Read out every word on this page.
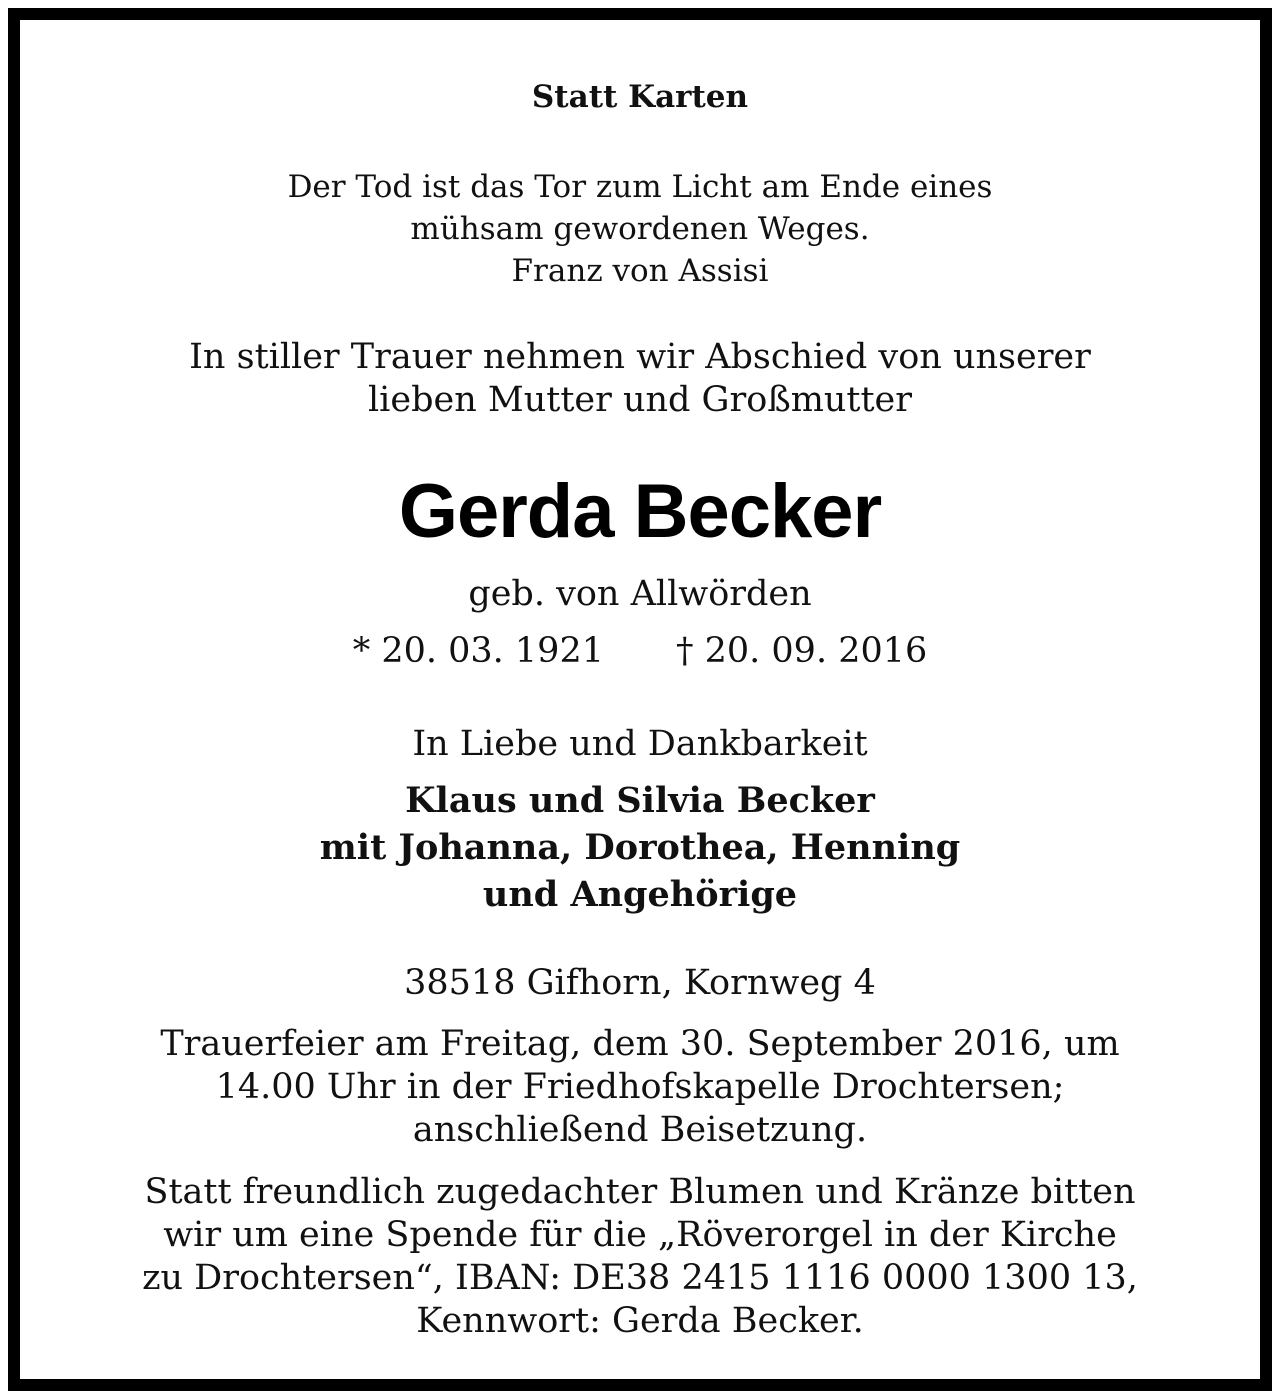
Statt Karten
Der Tod ist das Tor zum Licht am Ende eines
mühsam gewordenen Weges.
Franz von Assisi
In stiller Trauer nehmen wir Abschied von unserer
lieben Mutter und Großmutter
Gerda Becker
geb. von Allwörden
* 20. 03. 1921 † 20. 09. 2016
In Liebe und Dankbarkeit
Klaus und Silvia Becker
mit Johanna, Dorothea, Henning
und Angehörige
38518 Gifhorn, Kornweg 4
Trauerfeier am Freitag, dem 30. September 2016, um
14.00 Uhr in der Friedhofskapelle Drochtersen;
anschließend Beisetzung.
Statt freundlich zugedachter Blumen und Kränze bitten
wir um eine Spende für die „Röverorgel in der Kirche
zu Drochtersen“, IBAN: DE38 2415 1116 0000 1300 13,
Kennwort: Gerda Becker.
